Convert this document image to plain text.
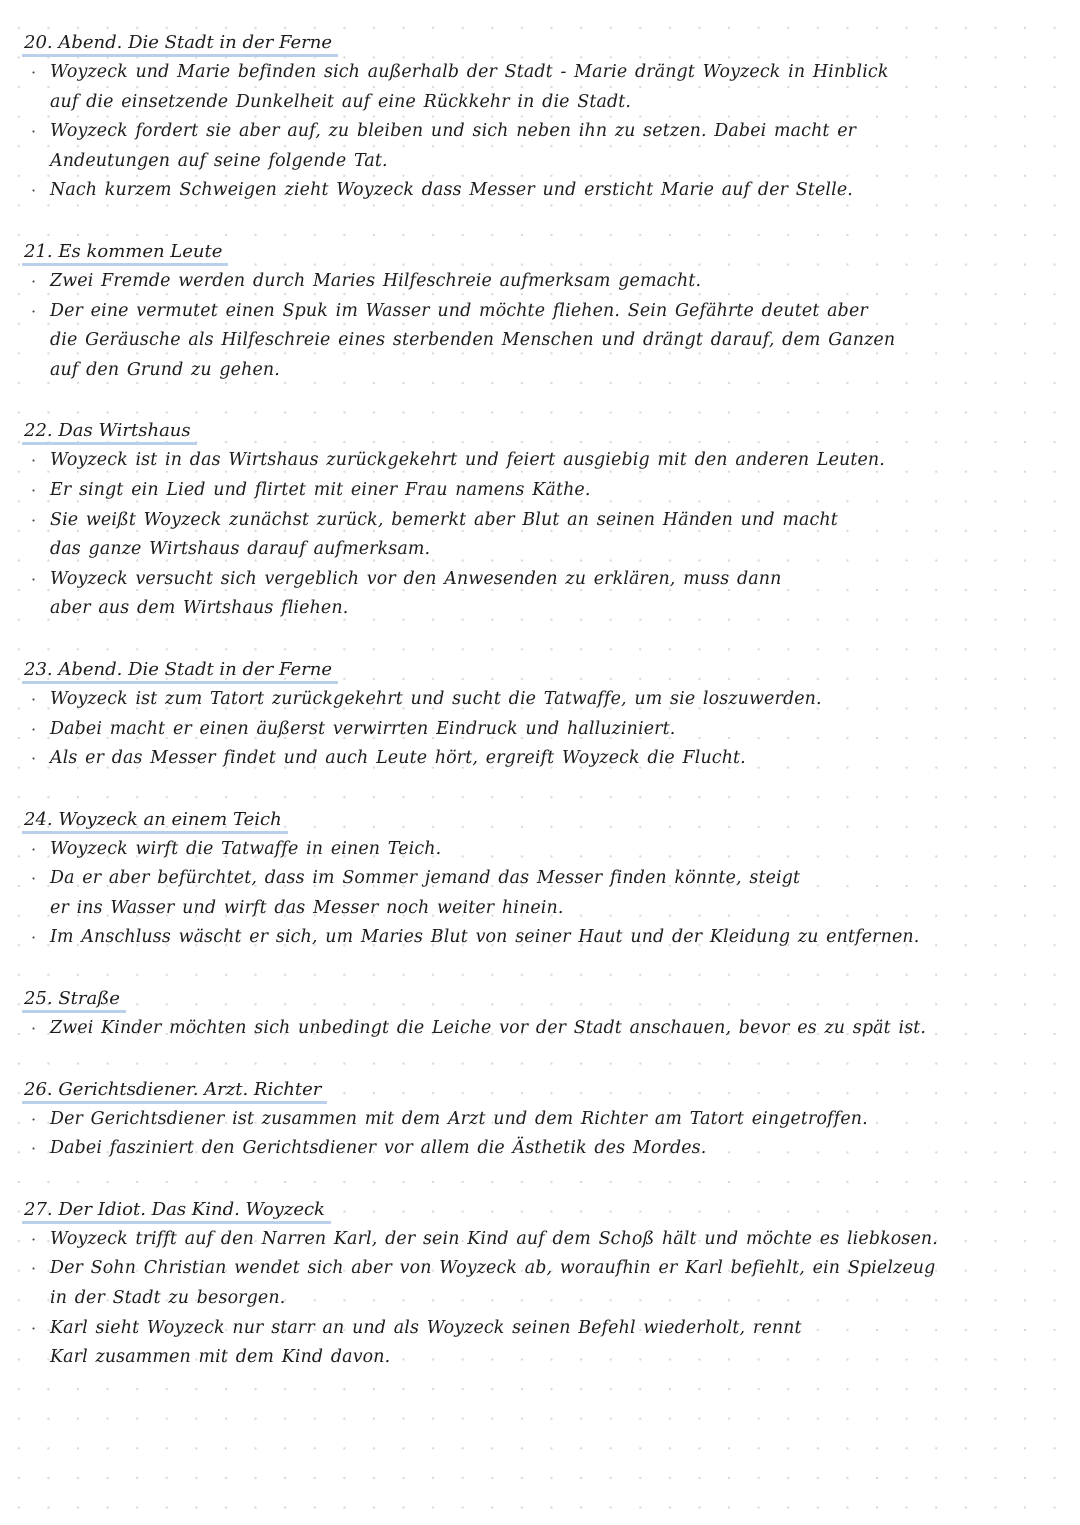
20. Abend. Die Stadt in der Ferne
· Woyzeck und Marie befinden sich außerhalb der Stadt - Marie drängt Woyzeck in Hinblick auf die einsetzende Dunkelheit auf eine Rückkehr in die Stadt.
· Woyzeck fordert sie aber auf, zu bleiben und sich neben ihn zu setzen. Dabei macht er Andeutungen auf seine folgende Tat.
· Nach kurzem Schweigen zieht Woyzeck dass Messer und ersticht Marie auf der Stelle.
21. Es kommen Leute
· Zwei Fremde werden durch Maries Hilfeschreie aufmerksam gemacht.
· Der eine vermutet einen Spuk im Wasser und möchte fliehen. Sein Gefährte deutet aber die Geräusche als Hilfeschreie eines sterbenden Menschen und drängt darauf, dem Ganzen auf den Grund zu gehen.
22. Das Wirtshaus
· Woyzeck ist in das Wirtshaus zurückgekehrt und feiert ausgiebig mit den anderen Leuten.
· Er singt ein Lied und flirtet mit einer Frau namens Käthe.
· Sie weißt Woyzeck zunächst zurück, bemerkt aber Blut an seinen Händen und macht das ganze Wirtshaus darauf aufmerksam.
· Woyzeck versucht sich vergeblich vor den Anwesenden zu erklären, muss dann aber aus dem Wirtshaus fliehen.
23. Abend. Die Stadt in der Ferne
· Woyzeck ist zum Tatort zurückgekehrt und sucht die Tatwaffe, um sie loszuwerden.
· Dabei macht er einen äußerst verwirrten Eindruck und halluziniert.
· Als er das Messer findet und auch Leute hört, ergreift Woyzeck die Flucht.
24. Woyzeck an einem Teich
· Woyzeck wirft die Tatwaffe in einen Teich.
· Da er aber befürchtet, dass im Sommer jemand das Messer finden könnte, steigt er ins Wasser und wirft das Messer noch weiter hinein.
· Im Anschluss wäscht er sich, um Maries Blut von seiner Haut und der Kleidung zu entfernen.
25. Straße
· Zwei Kinder möchten sich unbedingt die Leiche vor der Stadt anschauen, bevor es zu spät ist.
26. Gerichtsdiener. Arzt. Richter
· Der Gerichtsdiener ist zusammen mit dem Arzt und dem Richter am Tatort eingetroffen.
· Dabei fasziniert den Gerichtsdiener vor allem die Ästhetik des Mordes.
27. Der Idiot. Das Kind. Woyzeck
· Woyzeck trifft auf den Narren Karl, der sein Kind auf dem Schoß hält und möchte es liebkosen.
· Der Sohn Christian wendet sich aber von Woyzeck ab, woraufhin er Karl befiehlt, ein Spielzeug in der Stadt zu besorgen.
· Karl sieht Woyzeck nur starr an und als Woyzeck seinen Befehl wiederholt, rennt Karl zusammen mit dem Kind davon.
